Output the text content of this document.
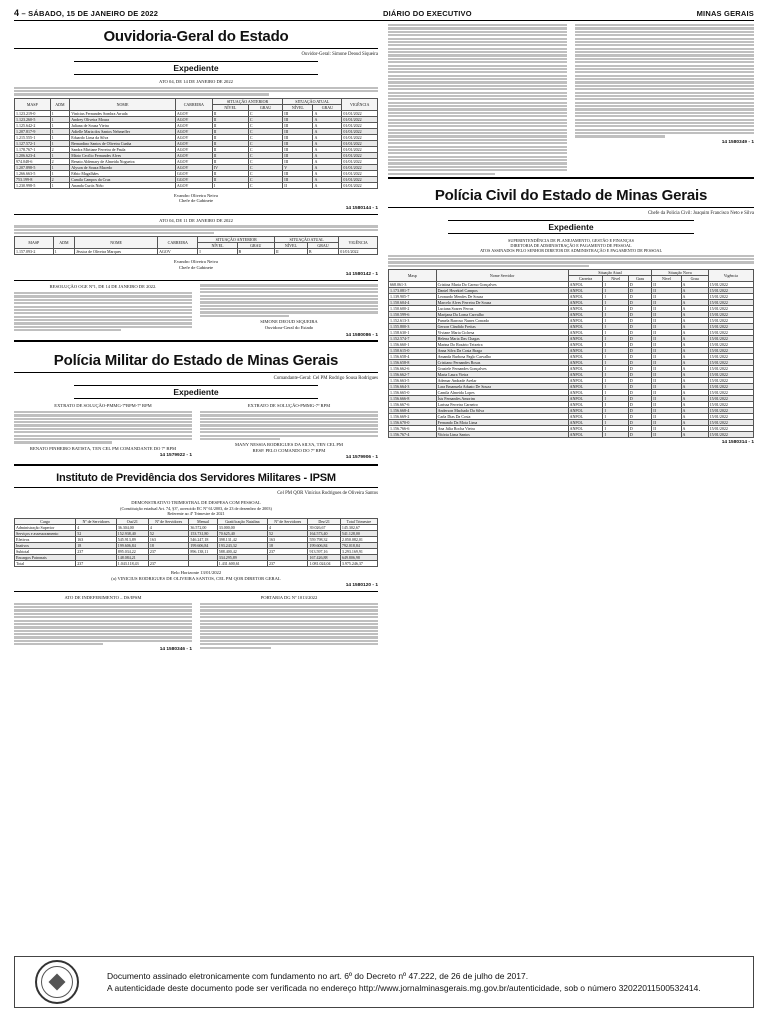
4 – SÁBADO, 15 DE JANEIRO DE 2022	DIÁRIO DO EXECUTIVO	MINAS GERAIS
Ouvidoria-Geral do Estado
Ouvidor-Geral: Simone Deoud Siqueira
Expediente
ATO 04, DE 14 DE JANEIRO DE 2022
MASP	ADM	NOME	CARREIRA	SITUAÇÃO ANTERIOR		SITUAÇÃO ATUAL		VIGÊNCIA
				NÍVEL	GRAU	NÍVEL	GRAU	
1.123.219-0	1	Vinícius Fernandes Sombra Arruda	AGOV	II	C	III	A	01/01/2022
1.123.260-5	1	Andrey Oliveira Moura	AGOV	II	C	III	A	01/01/2022
1.125.642-2	1	Juliana de Souza Vieira	AGOV	II	C	III	A	01/01/2022
1.207.817-9	1	Adielle Maria dos Santos Nehmeffer	AGOV	II	C	III	A	01/01/2022
1.215.555-1	1	Eduardo Lima da Silva	AGOV	II	C	III	A	01/01/2022
1.127.572-1	1	Bernardino Santos de Oliveira Cunha	AGOV	II	C	III	A	01/01/2022
1.178.767-1	2	Sandra Mirtiane Ferreira de Paula	AGOV	II	C	III	A	01/01/2022
1.206.623-4	1	Mário Cecílio Fernandes Alves	AGOV	II	C	III	A	01/01/2022
974.048-6	2	Renato Aldemary de Almeida Nogueira	AGOV	II	C	III	A	01/01/2022
1.207.898-5	1	Alyson de Souza Macedo	AGOV	IV	C	V	A	01/01/2022
1.266.663-5	1	Fábio Magalhães	GGOV	II	C	III	A	01/01/2022
753.199-8	2	Camila Campos da Cruz	GGOV	II	C	III	A	01/01/2022
1.230.998-5	1	Ananda Curtis Niño	AGOV	I	C	II	A	01/01/2022
Evandro Oliveira Neiva
Chefe de Gabinete
14 1580144 - 1
ATO 04, DE 11 DE JANEIRO DE 2022
MASP	ADM	NOME	CARREIRA	SITUAÇÃO ANTERIOR		SITUAÇÃO ATUAL		VIGÊNCIA
				NÍVEL	GRAU	NÍVEL	GRAU	
1.157.093-2	1	Jéssica de Oliveira Marques	AGOV	I	B	II	B	01/01/2022
Evandro Oliveira Neiva
Chefe de Gabinete
14 1580142 - 1
RESOLUÇÃO OGE Nº1, DE 14 DE JANEIRO DE 2022.
SIMONE DEOUD SIQUEIRA
Ouvidora-Geral do Estado
14 1580086 - 1
Polícia Militar do Estado de Minas Gerais
Comandante-Geral: Cel PM Rodrigo Sousa Rodrigues
Expediente
EXTRATO DE SOLUÇÃO-PMMG-7ºBPM-7ª RPM
RENATO PINHEIRO BATISTA, TEN CEL PM COMANDANTE DO 7º BPM
14 1579922 - 1
EXTRATO DE SOLUÇÃO-PMMG-7ª RPM
MANY NESSIA RODRIGUES DA SILVA, TEN CEL PM
RESP. PELO COMANDO DO 7º RPM
14 1579906 - 1
Instituto de Previdência dos Servidores Militares - IPSM
Cel PM QOR Vinícius Rodrigues de Oliveira Santos
DEMONSTRATIVO TRIMESTRAL DE DESPESA COM PESSOAL
(Constituição estadual Art. 74, §3º, acrescido EC Nº 61/2003, de 23 de dezembro de 2003)
Referente ao 4º Trimestre de 2021
Cargo	Nº de Servidores	Out/21	Nº de Servidores	Mensal	Gratificação Natalina	Nº de Servidores	Dez/21	Total Trimestre
Administração Superior	4	36.304,00	4	36.572,00	33.000,00	4	39.026,67	145.302,67
Serviços e assessoramento	52	152.938,40	52	153.731,80	70.625,40	52	164.573,40	541.128,00
Efetivos	163	545.913,89	163	546.247,18	398.131,42	163	559.798,32	2.050.082,01
Inativos	18	199.606,84	18	199.606,84	193.243,32	18	199.606,84	792.018,84
Subtotal	237	895.034,22	237	896.138,11	588.400,42	237	913.597,16	3.293.169,91
Encargos Patronais		148.084,21			334.295,89		167.426,88	649.806,98
Total	237	1.043.118,43	237		1.431.600,61	237	1.081.024,04	3.975.246,37
Belo Horizonte 13/01/2022
(a) VINICIUS RODRIGUES DE OLIVEIRA SANTOS, CEL PM QOR DIRETOR GERAL
14 1580120 - 1
ATO DE INDEFERIMENTO – DS/IPSM
14 1580346 - 1
PORTARIA DG Nº 1013/2022
14 1580349 - 1
Polícia Civil do Estado de Minas Gerais
Chefe da Polícia Civil: Joaquim Francisco Neto e Silva
Expediente
SUPERINTENDÊNCIA DE PLANEJAMENTO, GESTÃO E FINANÇAS
DIRETORIA DE ADMINISTRAÇÃO E PAGAMENTO DE PESSOAL
ATOS ASSINADOS PELO SENHOR DIRETOR DE ADMINISTRAÇÃO E PAGAMENTO DE PESSOAL
Masp	Nome Servidor	Situação Atual			Situação Nova		Vigência
		Carreira	Nível	Grau	Nível	Grau	
668.061-3	Cristina Maria Do Carmo Gonçalves	ANPOL	I	D	II	A	15/01/2022
1.173.081-7	Daniel Hezekiel Campos	ANPOL	I	D	II	A	15/01/2022
1.139.905-7	Leonardo Mendes De Souza	ANPOL	I	D	II	A	15/01/2022
1.150.604-4	Marcelo Alves Ferreira De Souza	ANPOL	I	D	II	A	15/01/2022
1.150.600-2	Luciana Soares Ferraz	ANPOL	I	D	II	A	15/01/2022
1.150.599-6	Marijana Da Loma Carvalho	ANPOL	I	D	II	A	15/01/2022
1.152.613-3	Pamela Barroso Nunes Conrado	ANPOL	I	D	II	A	15/01/2022
1.155.800-3	Gerson Cândido Freitas	ANPOL	I	D	II	A	15/01/2022
1.158.630-1	Viviane Maria Cichesa	ANPOL	I	D	II	A	15/01/2022
1.152.574-7	Helena Maria Das Chagas	ANPOL	I	D	II	A	15/01/2022
1.156.660-1	Marina Do Rosário Teixeira	ANPOL	I	D	II	A	15/01/2022
1.150.615-0	Anna Silva Da Costa Braga	ANPOL	I	D	II	A	15/01/2022
1.156.658-4	Amanda Barbosa Paglo Carvalho	ANPOL	I	D	II	A	15/01/2022
1.156.658-8	Cristiano Fernandes Rosas	ANPOL	I	D	II	A	15/01/2022
1.156.662-6	Graziele Fernandes Gonçalves	ANPOL	I	D	II	A	15/01/2022
1.156.662-7	Maria Laura Vieira	ANPOL	I	D	II	A	15/01/2022
1.156.663-5	Ademar Andrade Avelar	ANPOL	I	D	II	A	15/01/2022
1.156.664-3	Lara Emanuela Aduato De Souza	ANPOL	I	D	II	A	15/01/2022
1.156.665-0	Camila Almeida Lopes	ANPOL	I	D	II	A	15/01/2022
1.156.666-8	Ísis Fernandes Amorim	ANPOL	I	D	II	A	15/01/2022
1.156.667-6	Larissa Ferreira Carneiro	ANPOL	I	D	II	A	15/01/2022
1.156.668-4	Anderson Machado Da Silva	ANPOL	I	D	II	A	15/01/2022
1.156.669-2	Carla Dias Da Costa	ANPOL	I	D	II	A	15/01/2022
1.156.670-0	Fernando Da Mota Lima	ANPOL	I	D	II	A	15/01/2022
1.156.766-6	Ana Júlia Rocha Vieira	ANPOL	I	D	II	A	15/01/2022
1.156.767-4	Vitória Lima Santos	ANPOL	I	D	II	A	15/01/2022
14 1580314 - 1
Documento assinado eletronicamente com fundamento no art. 6º do Decreto nº 47.222, de 26 de julho de 2017.
A autenticidade deste documento pode ser verificada no endereço http://www.jornalminasgerais.mg.gov.br/autenticidade, sob o número 32022011500532414.
